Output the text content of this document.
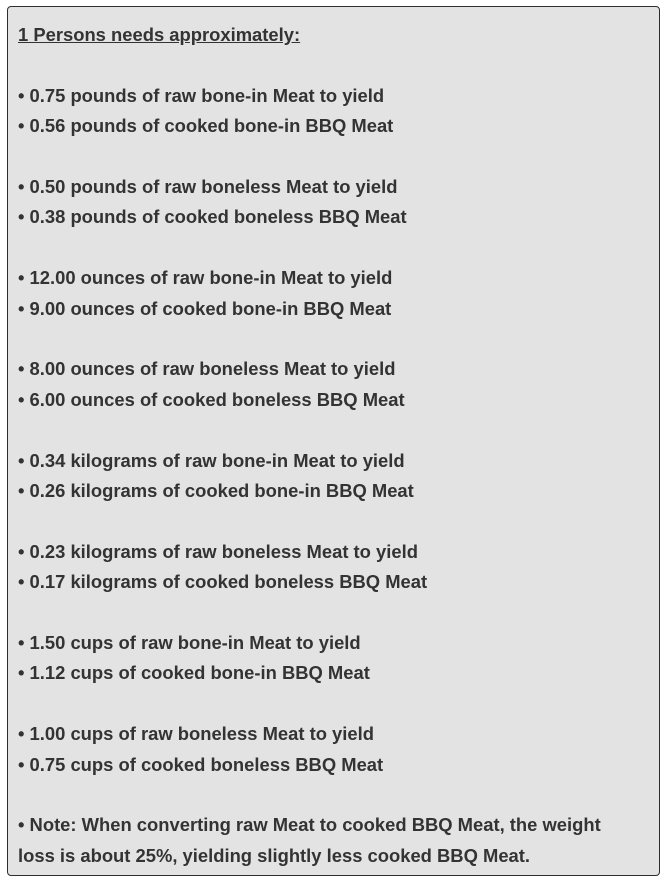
1 Persons needs approximately:
• 0.75 pounds of raw bone-in Meat to yield
• 0.56 pounds of cooked bone-in BBQ Meat
• 0.50 pounds of raw boneless Meat to yield
• 0.38 pounds of cooked boneless BBQ Meat
• 12.00 ounces of raw bone-in Meat to yield
• 9.00 ounces of cooked bone-in BBQ Meat
• 8.00 ounces of raw boneless Meat to yield
• 6.00 ounces of cooked boneless BBQ Meat
• 0.34 kilograms of raw bone-in Meat to yield
• 0.26 kilograms of cooked bone-in BBQ Meat
• 0.23 kilograms of raw boneless Meat to yield
• 0.17 kilograms of cooked boneless BBQ Meat
• 1.50 cups of raw bone-in Meat to yield
• 1.12 cups of cooked bone-in BBQ Meat
• 1.00 cups of raw boneless Meat to yield
• 0.75 cups of cooked boneless BBQ Meat
• Note: When converting raw Meat to cooked BBQ Meat, the weight loss is about 25%, yielding slightly less cooked BBQ Meat.
